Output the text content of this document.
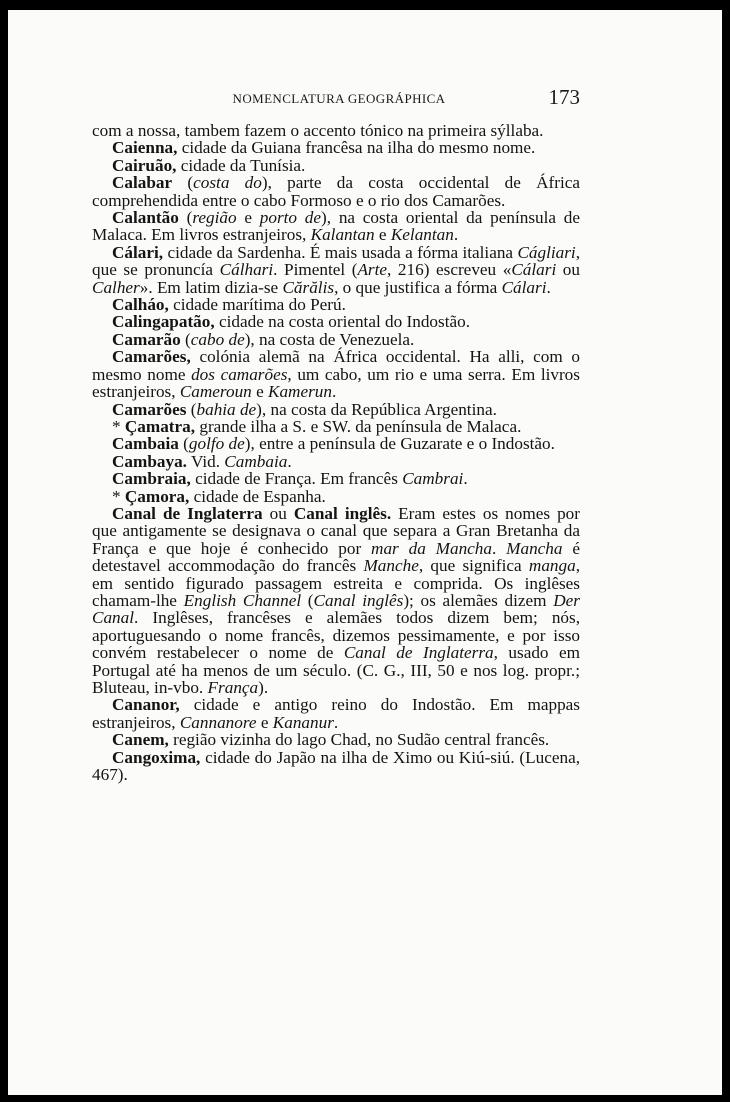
NOMENCLATURA GEOGRÁPHICA	173

com a nossa, tambem fazem o accento tónico na primeira sýllaba.

Caienna, cidade da Guiana francêsa na ilha do mesmo nome.

Cairuão, cidade da Tunísia.

Calabar (costa do), parte da costa occidental de África comprehendida entre o cabo Formoso e o rio dos Camarões.

Calantão (região e porto de), na costa oriental da península de Malaca. Em livros estranjeiros, Kalantan e Kelantan.

Cálari, cidade da Sardenha. É mais usada a fórma italiana Cágliari, que se pronuncía Cálhari. Pimentel (Arte, 216) escreveu «Cálari ou Calher». Em latim dizia-se Cărălis, o que justifica a fórma Cálari.

Calháo, cidade marítima do Perú.

Calingapatão, cidade na costa oriental do Indostão.

Camarão (cabo de), na costa de Venezuela.

Camarões, colónia alemã na África occidental. Ha alli, com o mesmo nome dos camarões, um cabo, um rio e uma serra. Em livros estranjeiros, Cameroun e Kamerun.

Camarões (bahia de), na costa da República Argentina.

* Çamatra, grande ilha a S. e SW. da península de Malaca.

Cambaia (golfo de), entre a península de Guzarate e o Indostão.

Cambaya. Vid. Cambaia.

Cambraia, cidade de França. Em francês Cambrai.

* Çamora, cidade de Espanha.

Canal de Inglaterra ou Canal inglês. Eram estes os nomes por que antigamente se designava o canal que separa a Gran Bretanha da França e que hoje é conhecido por mar da Mancha. Mancha é detestavel accommodação do francês Manche, que significa manga, em sentido figurado passagem estreita e comprida. Os inglêses chamam-lhe English Channel (Canal inglês); os alemães dizem Der Canal. Inglêses, francêses e alemães todos dizem bem; nós, aportuguesando o nome francês, dizemos pessimamente, e por isso convém restabelecer o nome de Canal de Inglaterra, usado em Portugal até ha menos de um século. (C. G., III, 50 e nos log. propr.; Bluteau, in-vbo. França).

Cananor, cidade e antigo reino do Indostão. Em mappas estranjeiros, Cannanore e Kananur.

Canem, região vizinha do lago Chad, no Sudão central francês.

Cangoxima, cidade do Japão na ilha de Ximo ou Kiú-siú. (Lucena, 467).
